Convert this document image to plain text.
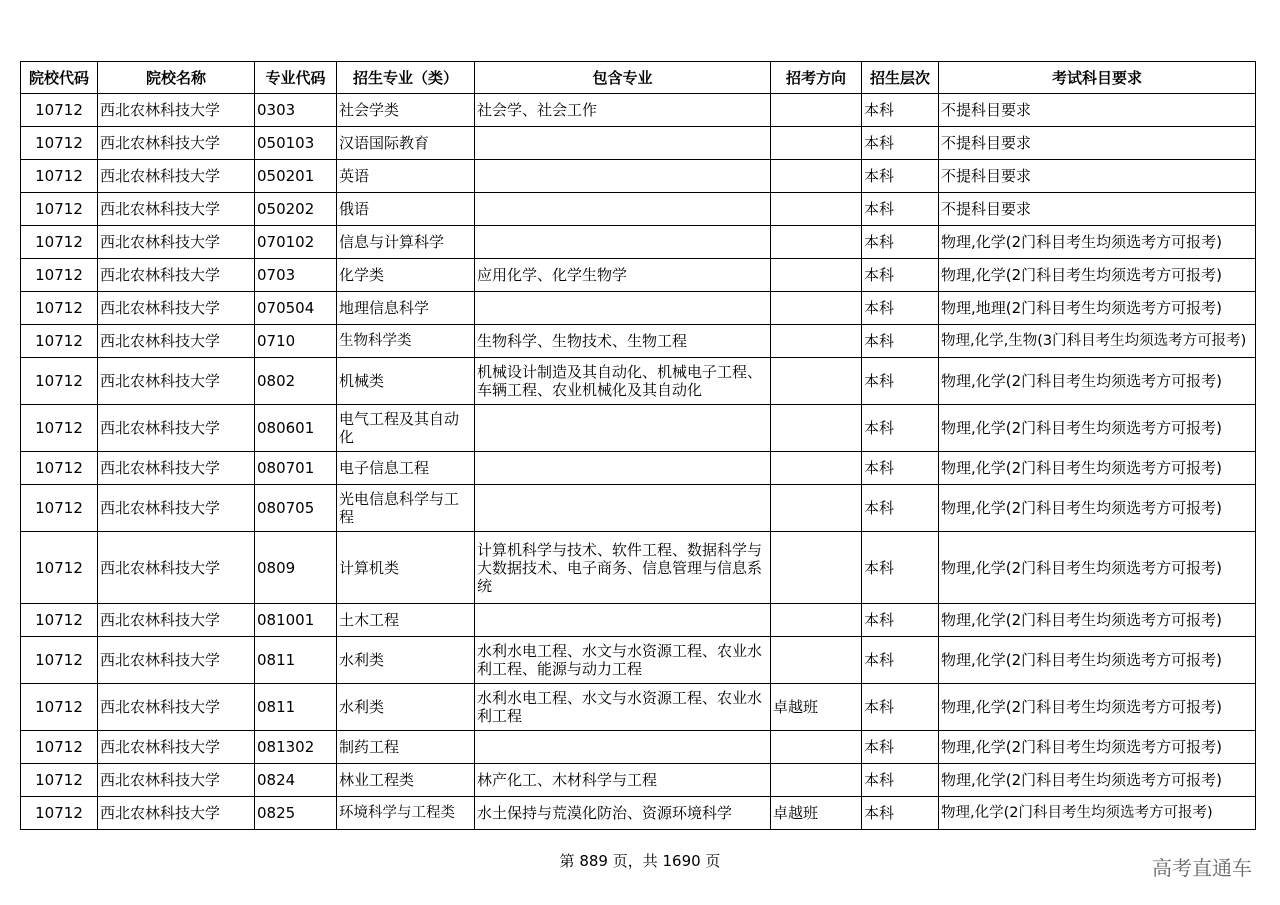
院校代码	院校名称	专业代码	招生专业（类）	包含专业	招考方向	招生层次	考试科目要求
10712	西北农林科技大学	0303	社会学类	社会学、社会工作		本科	不提科目要求
10712	西北农林科技大学	050103	汉语国际教育			本科	不提科目要求
10712	西北农林科技大学	050201	英语			本科	不提科目要求
10712	西北农林科技大学	050202	俄语			本科	不提科目要求
10712	西北农林科技大学	070102	信息与计算科学			本科	物理,化学(2门科目考生均须选考方可报考)
10712	西北农林科技大学	0703	化学类	应用化学、化学生物学		本科	物理,化学(2门科目考生均须选考方可报考)
10712	西北农林科技大学	070504	地理信息科学			本科	物理,地理(2门科目考生均须选考方可报考)
10712	西北农林科技大学	0710	生物科学类	生物科学、生物技术、生物工程		本科	物理,化学,生物(3门科目考生均须选考方可报考)
10712	西北农林科技大学	0802	机械类	机械设计制造及其自动化、机械电子工程、车辆工程、农业机械化及其自动化		本科	物理,化学(2门科目考生均须选考方可报考)
10712	西北农林科技大学	080601	电气工程及其自动化			本科	物理,化学(2门科目考生均须选考方可报考)
10712	西北农林科技大学	080701	电子信息工程			本科	物理,化学(2门科目考生均须选考方可报考)
10712	西北农林科技大学	080705	光电信息科学与工程			本科	物理,化学(2门科目考生均须选考方可报考)
10712	西北农林科技大学	0809	计算机类	计算机科学与技术、软件工程、数据科学与大数据技术、电子商务、信息管理与信息系统		本科	物理,化学(2门科目考生均须选考方可报考)
10712	西北农林科技大学	081001	土木工程			本科	物理,化学(2门科目考生均须选考方可报考)
10712	西北农林科技大学	0811	水利类	水利水电工程、水文与水资源工程、农业水利工程、能源与动力工程		本科	物理,化学(2门科目考生均须选考方可报考)
10712	西北农林科技大学	0811	水利类	水利水电工程、水文与水资源工程、农业水利工程	卓越班	本科	物理,化学(2门科目考生均须选考方可报考)
10712	西北农林科技大学	081302	制药工程			本科	物理,化学(2门科目考生均须选考方可报考)
10712	西北农林科技大学	0824	林业工程类	林产化工、木材科学与工程		本科	物理,化学(2门科目考生均须选考方可报考)
10712	西北农林科技大学	0825	环境科学与工程类	水土保持与荒漠化防治、资源环境科学	卓越班	本科	物理,化学(2门科目考生均须选考方可报考)
第 889 页，共 1690 页	高考直通车
